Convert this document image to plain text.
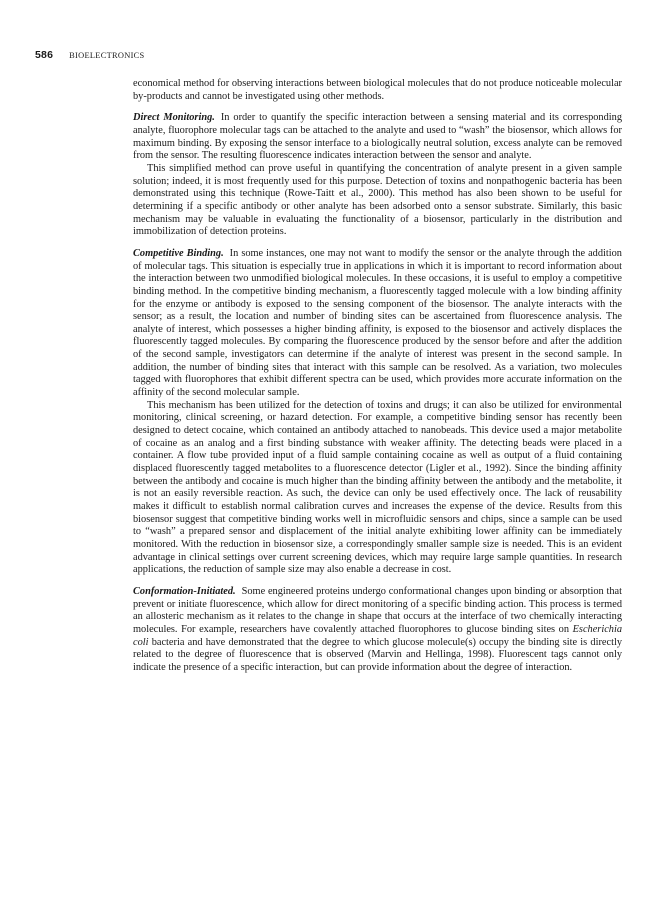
586 BIOELECTRONICS

economical method for observing interactions between biological molecules that do not produce noticeable molecular by-products and cannot be investigated using other methods.

Direct Monitoring. In order to quantify the specific interaction between a sensing material and its corresponding analyte, fluorophore molecular tags can be attached to the analyte and used to “wash” the biosensor, which allows for maximum binding. By exposing the sensor interface to a biologically neutral solution, excess analyte can be removed from the sensor. The resulting fluorescence indicates interaction between the sensor and analyte.

This simplified method can prove useful in quantifying the concentration of analyte present in a given sample solution; indeed, it is most frequently used for this purpose. Detection of toxins and nonpathogenic bacteria has been demonstrated using this technique (Rowe-Taitt et al., 2000). This method has also been shown to be useful for determining if a specific antibody or other analyte has been adsorbed onto a sensor substrate. Similarly, this basic mechanism may be valuable in evaluating the functionality of a biosensor, particularly in the distribution and immobilization of detection proteins.

Competitive Binding. In some instances, one may not want to modify the sensor or the analyte through the addition of molecular tags. This situation is especially true in applications in which it is important to record information about the interaction between two unmodified biological molecules. In these occasions, it is useful to employ a competitive binding method. In the competitive binding mechanism, a fluorescently tagged molecule with a low binding affinity for the enzyme or antibody is exposed to the sensing component of the biosensor. The analyte interacts with the sensor; as a result, the location and number of binding sites can be ascertained from fluorescence analysis. The analyte of interest, which possesses a higher binding affinity, is exposed to the biosensor and actively displaces the fluorescently tagged molecules. By comparing the fluorescence produced by the sensor before and after the addition of the second sample, investigators can determine if the analyte of interest was present in the second sample. In addition, the number of binding sites that interact with this sample can be resolved. As a variation, two molecules tagged with fluorophores that exhibit different spectra can be used, which provides more accurate information on the affinity of the second molecular sample.

This mechanism has been utilized for the detection of toxins and drugs; it can also be utilized for environmental monitoring, clinical screening, or hazard detection. For example, a competitive binding sensor has recently been designed to detect cocaine, which contained an antibody attached to nanobeads. This device used a major metabolite of cocaine as an analog and a first binding substance with weaker affinity. The detecting beads were placed in a container. A flow tube provided input of a fluid sample containing cocaine as well as output of a fluid containing displaced fluorescently tagged metabolites to a fluorescence detector (Ligler et al., 1992). Since the binding affinity between the antibody and cocaine is much higher than the binding affinity between the antibody and the metabolite, it is not an easily reversible reaction. As such, the device can only be used effectively once. The lack of reusability makes it difficult to establish normal calibration curves and increases the expense of the device. Results from this biosensor suggest that competitive binding works well in microfluidic sensors and chips, since a sample can be used to “wash” a prepared sensor and displacement of the initial analyte exhibiting lower affinity can be immediately monitored. With the reduction in biosensor size, a correspondingly smaller sample size is needed. This is an evident advantage in clinical settings over current screening devices, which may require large sample quantities. In research applications, the reduction of sample size may also enable a decrease in cost.

Conformation-Initiated. Some engineered proteins undergo conformational changes upon binding or absorption that prevent or initiate fluorescence, which allow for direct monitoring of a specific binding action. This process is termed an allosteric mechanism as it relates to the change in shape that occurs at the interface of two chemically interacting molecules. For example, researchers have covalently attached fluorophores to glucose binding sites on Escherichia coli bacteria and have demonstrated that the degree to which glucose molecule(s) occupy the binding site is directly related to the degree of fluorescence that is observed (Marvin and Hellinga, 1998). Fluorescent tags cannot only indicate the presence of a specific interaction, but can provide information about the degree of interaction.
